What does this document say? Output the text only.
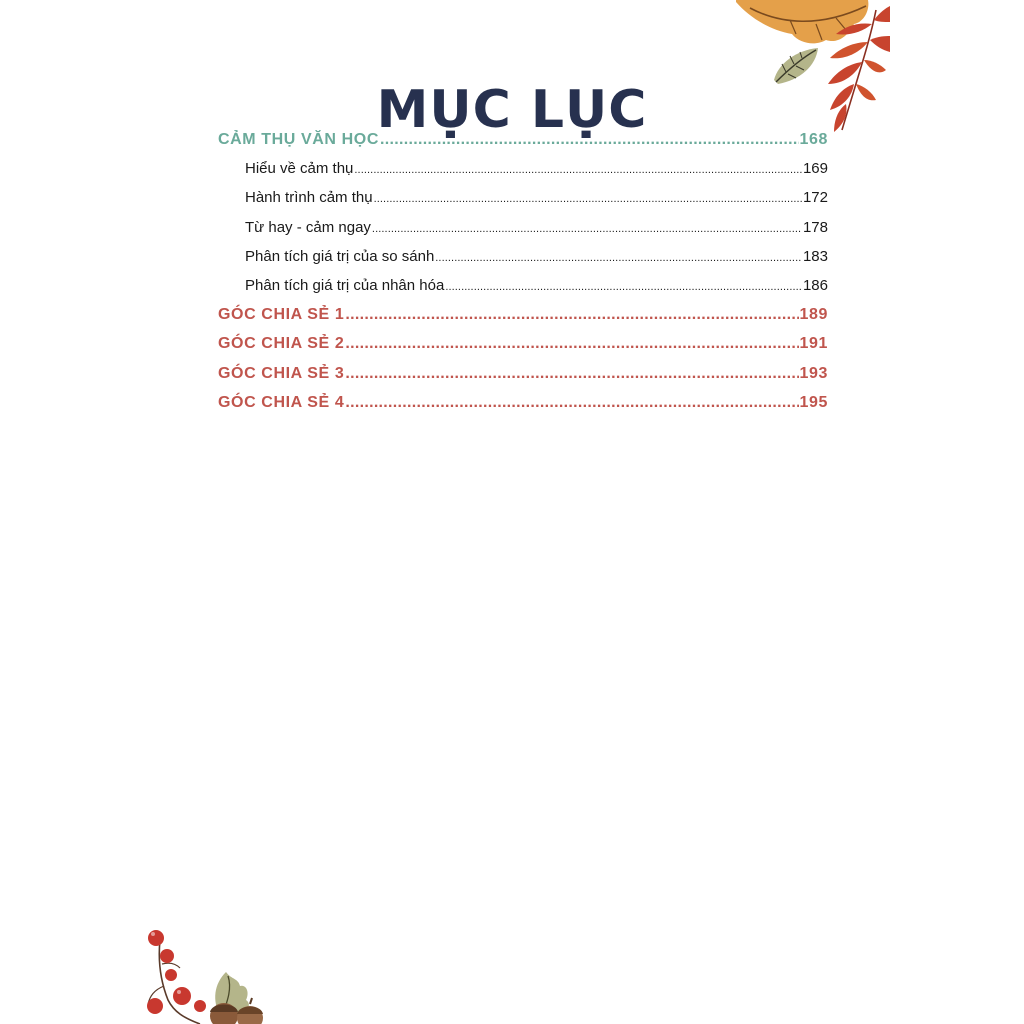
MỤC LỤC
CẢM THỤ VĂN HỌC .....	168
Hiểu về cảm thụ .....	169
Hành trình cảm thụ .....	172
Từ hay - cảm ngay .....	178
Phân tích giá trị của so sánh .....	183
Phân tích giá trị của nhân hóa .....	186
GÓC CHIA SẺ 1 .....	189
GÓC CHIA SẺ 2 .....	191
GÓC CHIA SẺ 3 .....	193
GÓC CHIA SẺ 4 .....	195
